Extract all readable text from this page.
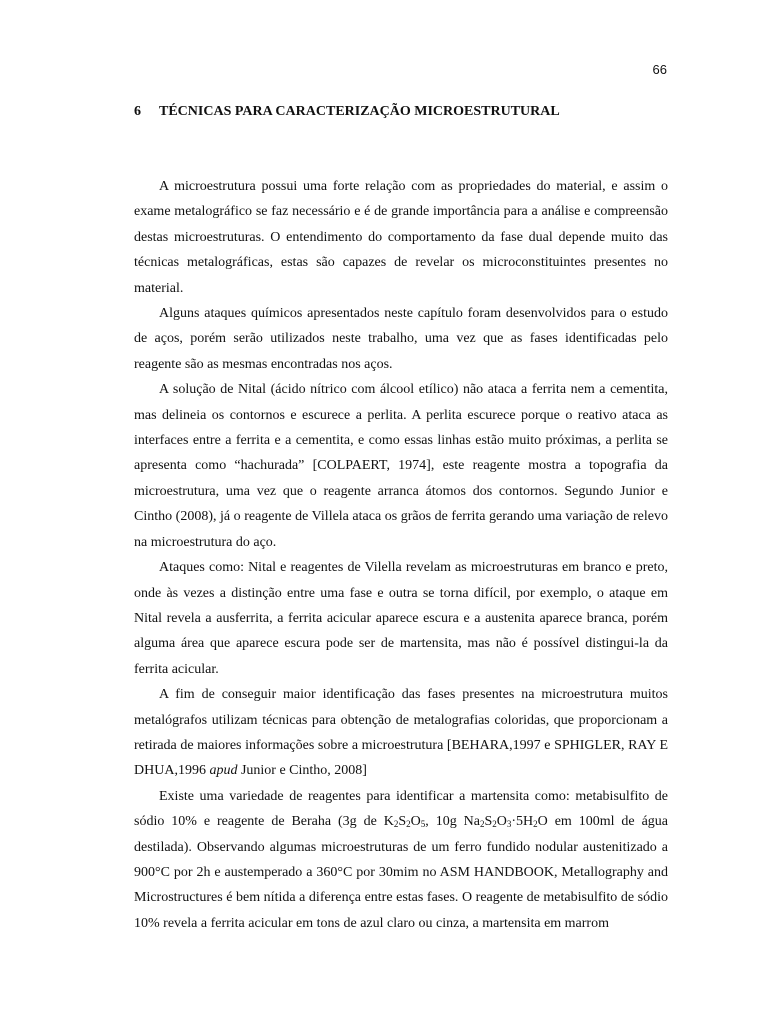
66
6 TÉCNICAS PARA CARACTERIZAÇÃO MICROESTRUTURAL

A microestrutura possui uma forte relação com as propriedades do material, e assim o exame metalográfico se faz necessário e é de grande importância para a análise e compreensão destas microestruturas. O entendimento do comportamento da fase dual depende muito das técnicas metalográficas, estas são capazes de revelar os microconstituintes presentes no material.

Alguns ataques químicos apresentados neste capítulo foram desenvolvidos para o estudo de aços, porém serão utilizados neste trabalho, uma vez que as fases identificadas pelo reagente são as mesmas encontradas nos aços.

A solução de Nital (ácido nítrico com álcool etílico) não ataca a ferrita nem a cementita, mas delineia os contornos e escurece a perlita. A perlita escurece porque o reativo ataca as interfaces entre a ferrita e a cementita, e como essas linhas estão muito próximas, a perlita se apresenta como “hachurada” [COLPAERT, 1974], este reagente mostra a topografia da microestrutura, uma vez que o reagente arranca átomos dos contornos. Segundo Junior e Cintho (2008), já o reagente de Villela ataca os grãos de ferrita gerando uma variação de relevo na microestrutura do aço.

Ataques como: Nital e reagentes de Vilella revelam as microestruturas em branco e preto, onde às vezes a distinção entre uma fase e outra se torna difícil, por exemplo, o ataque em Nital revela a ausferrita, a ferrita acicular aparece escura e a austenita aparece branca, porém alguma área que aparece escura pode ser de martensita, mas não é possível distingui-la da ferrita acicular.

A fim de conseguir maior identificação das fases presentes na microestrutura muitos metalógrafos utilizam técnicas para obtenção de metalografias coloridas, que proporcionam a retirada de maiores informações sobre a microestrutura [BEHARA,1997 e SPHIGLER, RAY E DHUA,1996 apud Junior e Cintho, 2008]

Existe uma variedade de reagentes para identificar a martensita como: metabisulfito de sódio 10% e reagente de Beraha (3g de $K_2S_2O_5$, 10g $Na_2S_2O_3\cdot 5H_2O$ em 100ml de água destilada). Observando algumas microestruturas de um ferro fundido nodular austenitizado a 900°C por 2h e austemperado a 360°C por 30mim no ASM HANDBOOK, Metallography and Microstructures é bem nítida a diferença entre estas fases. O reagente de metabisulfito de sódio 10% revela a ferrita acicular em tons de azul claro ou cinza, a martensita em marrom
